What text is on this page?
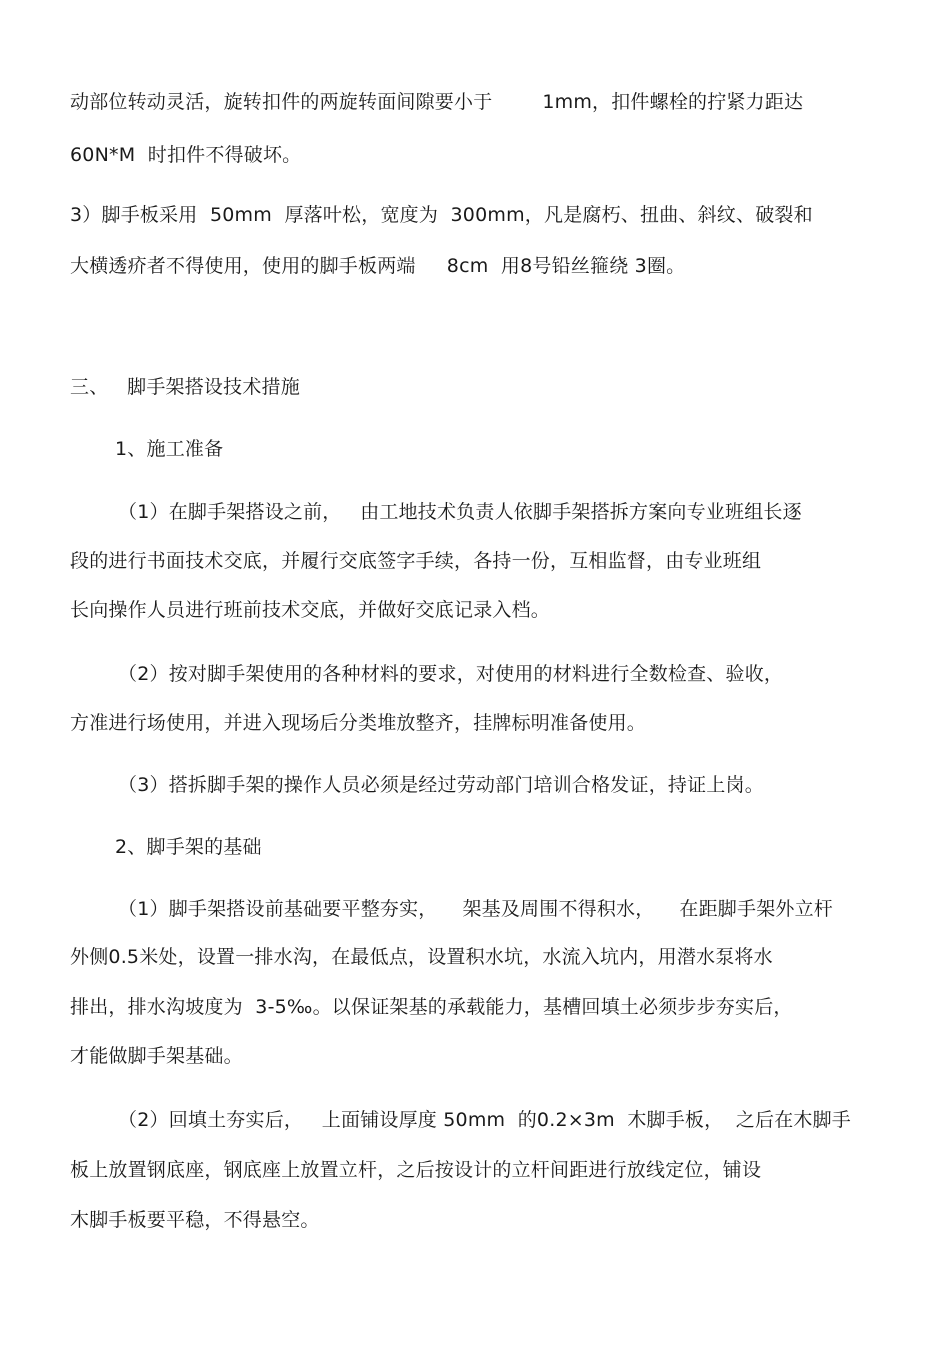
动部位转动灵活，旋转扣件的两旋转面间隙要小于        1mm，扣件螺栓的拧紧力距达
60N*M  时扣件不得破坏。
3）脚手板采用  50mm  厚落叶松，宽度为  300mm，凡是腐朽、扭曲、斜纹、破裂和
大横透疥者不得使用，使用的脚手板两端     8cm  用8号铅丝箍绕 3圈。
三、   脚手架搭设技术措施
1、施工准备
（1）在脚手架搭设之前，   由工地技术负责人依脚手架搭拆方案向专业班组长逐
段的进行书面技术交底，并履行交底签字手续，各持一份，互相监督，由专业班组
长向操作人员进行班前技术交底，并做好交底记录入档。
（2）按对脚手架使用的各种材料的要求，对使用的材料进行全数检查、验收，
方准进行场使用，并进入现场后分类堆放整齐，挂牌标明准备使用。
（3）搭拆脚手架的操作人员必须是经过劳动部门培训合格发证，持证上岗。
2、脚手架的基础
（1）脚手架搭设前基础要平整夯实，    架基及周围不得积水，    在距脚手架外立杆
外侧0.5米处，设置一排水沟，在最低点，设置积水坑，水流入坑内，用潜水泵将水
排出，排水沟坡度为  3-5‰。以保证架基的承载能力，基槽回填土必须步步夯实后，
才能做脚手架基础。
（2）回填土夯实后，   上面铺设厚度 50mm  的0.2×3m  木脚手板，  之后在木脚手
板上放置钢底座，钢底座上放置立杆，之后按设计的立杆间距进行放线定位，铺设
木脚手板要平稳，不得悬空。
